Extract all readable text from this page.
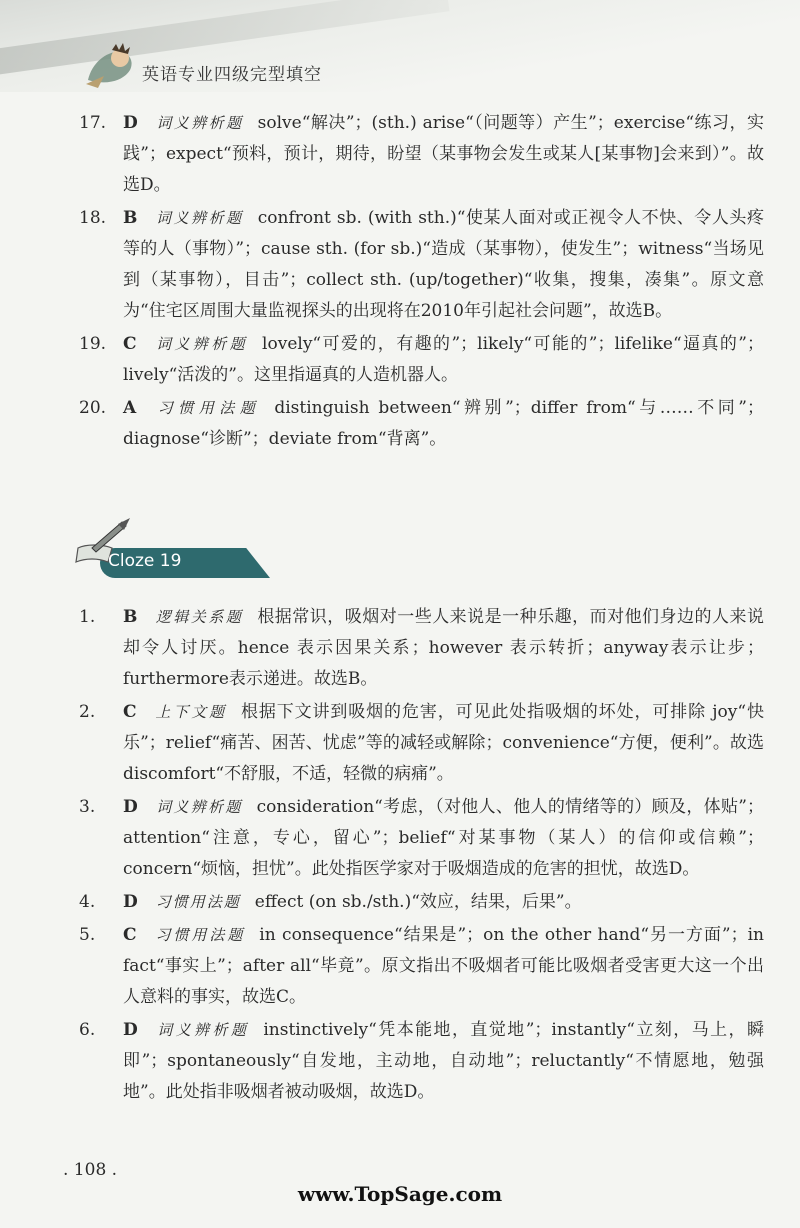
英语专业四级完型填空
17. D 词义辨析题 solve“解决”；(sth.) arise“（问题等）产生”；exercise“练习，实践”；expect“预料，预计，期待，盼望（某事物会发生或某人[某事物]会来到）”。故选D。
18. B 词义辨析题 confront sb. (with sth.)“使某人面对或正视令人不快、令人头疼等的人（事物）”；cause sth. (for sb.)“造成（某事物），使发生”；witness“当场见到（某事物），目击”；collect sth. (up/together)“收集，搜集，凑集”。原文意为“住宅区周围大量监视探头的出现将在2010年引起社会问题”，故选B。
19. C 词义辨析题 lovely“可爱的，有趣的”；likely“可能的”；lifelike“逼真的”；lively“活泼的”。这里指逼真的人造机器人。
20. A 习惯用法题 distinguish between“辨别”；differ from“与……不同”；diagnose“诊断”；deviate from“背离”。
Cloze 19
1. B 逻辑关系题 根据常识，吸烟对一些人来说是一种乐趣，而对他们身边的人来说却令人讨厌。hence 表示因果关系；however 表示转折；anyway表示让步；furthermore表示递进。故选B。
2. C 上下文题 根据下文讲到吸烟的危害，可见此处指吸烟的坏处，可排除 joy“快乐”；relief“痛苦、困苦、忧虑”等的减轻或解除；convenience“方便，便利”。故选 discomfort“不舒服，不适，轻微的病痛”。
3. D 词义辨析题 consideration“考虑，（对他人、他人的情绪等的）顾及，体贴”；attention“注意，专心，留心”；belief“对某事物（某人）的信仰或信赖”；concern“烦恼，担忧”。此处指医学家对于吸烟造成的危害的担忧，故选D。
4. D 习惯用法题 effect (on sb./sth.)“效应，结果，后果”。
5. C 习惯用法题 in consequence“结果是”；on the other hand“另一方面”；in fact“事实上”；after all“毕竟”。原文指出不吸烟者可能比吸烟者受害更大这一个出人意料的事实，故选C。
6. D 词义辨析题 instinctively“凭本能地，直觉地”；instantly“立刻，马上，瞬即”；spontaneously“自发地，主动地，自动地”；reluctantly“不情愿地，勉强地”。此处指非吸烟者被动吸烟，故选D。
. 108 .
www.TopSage.com
